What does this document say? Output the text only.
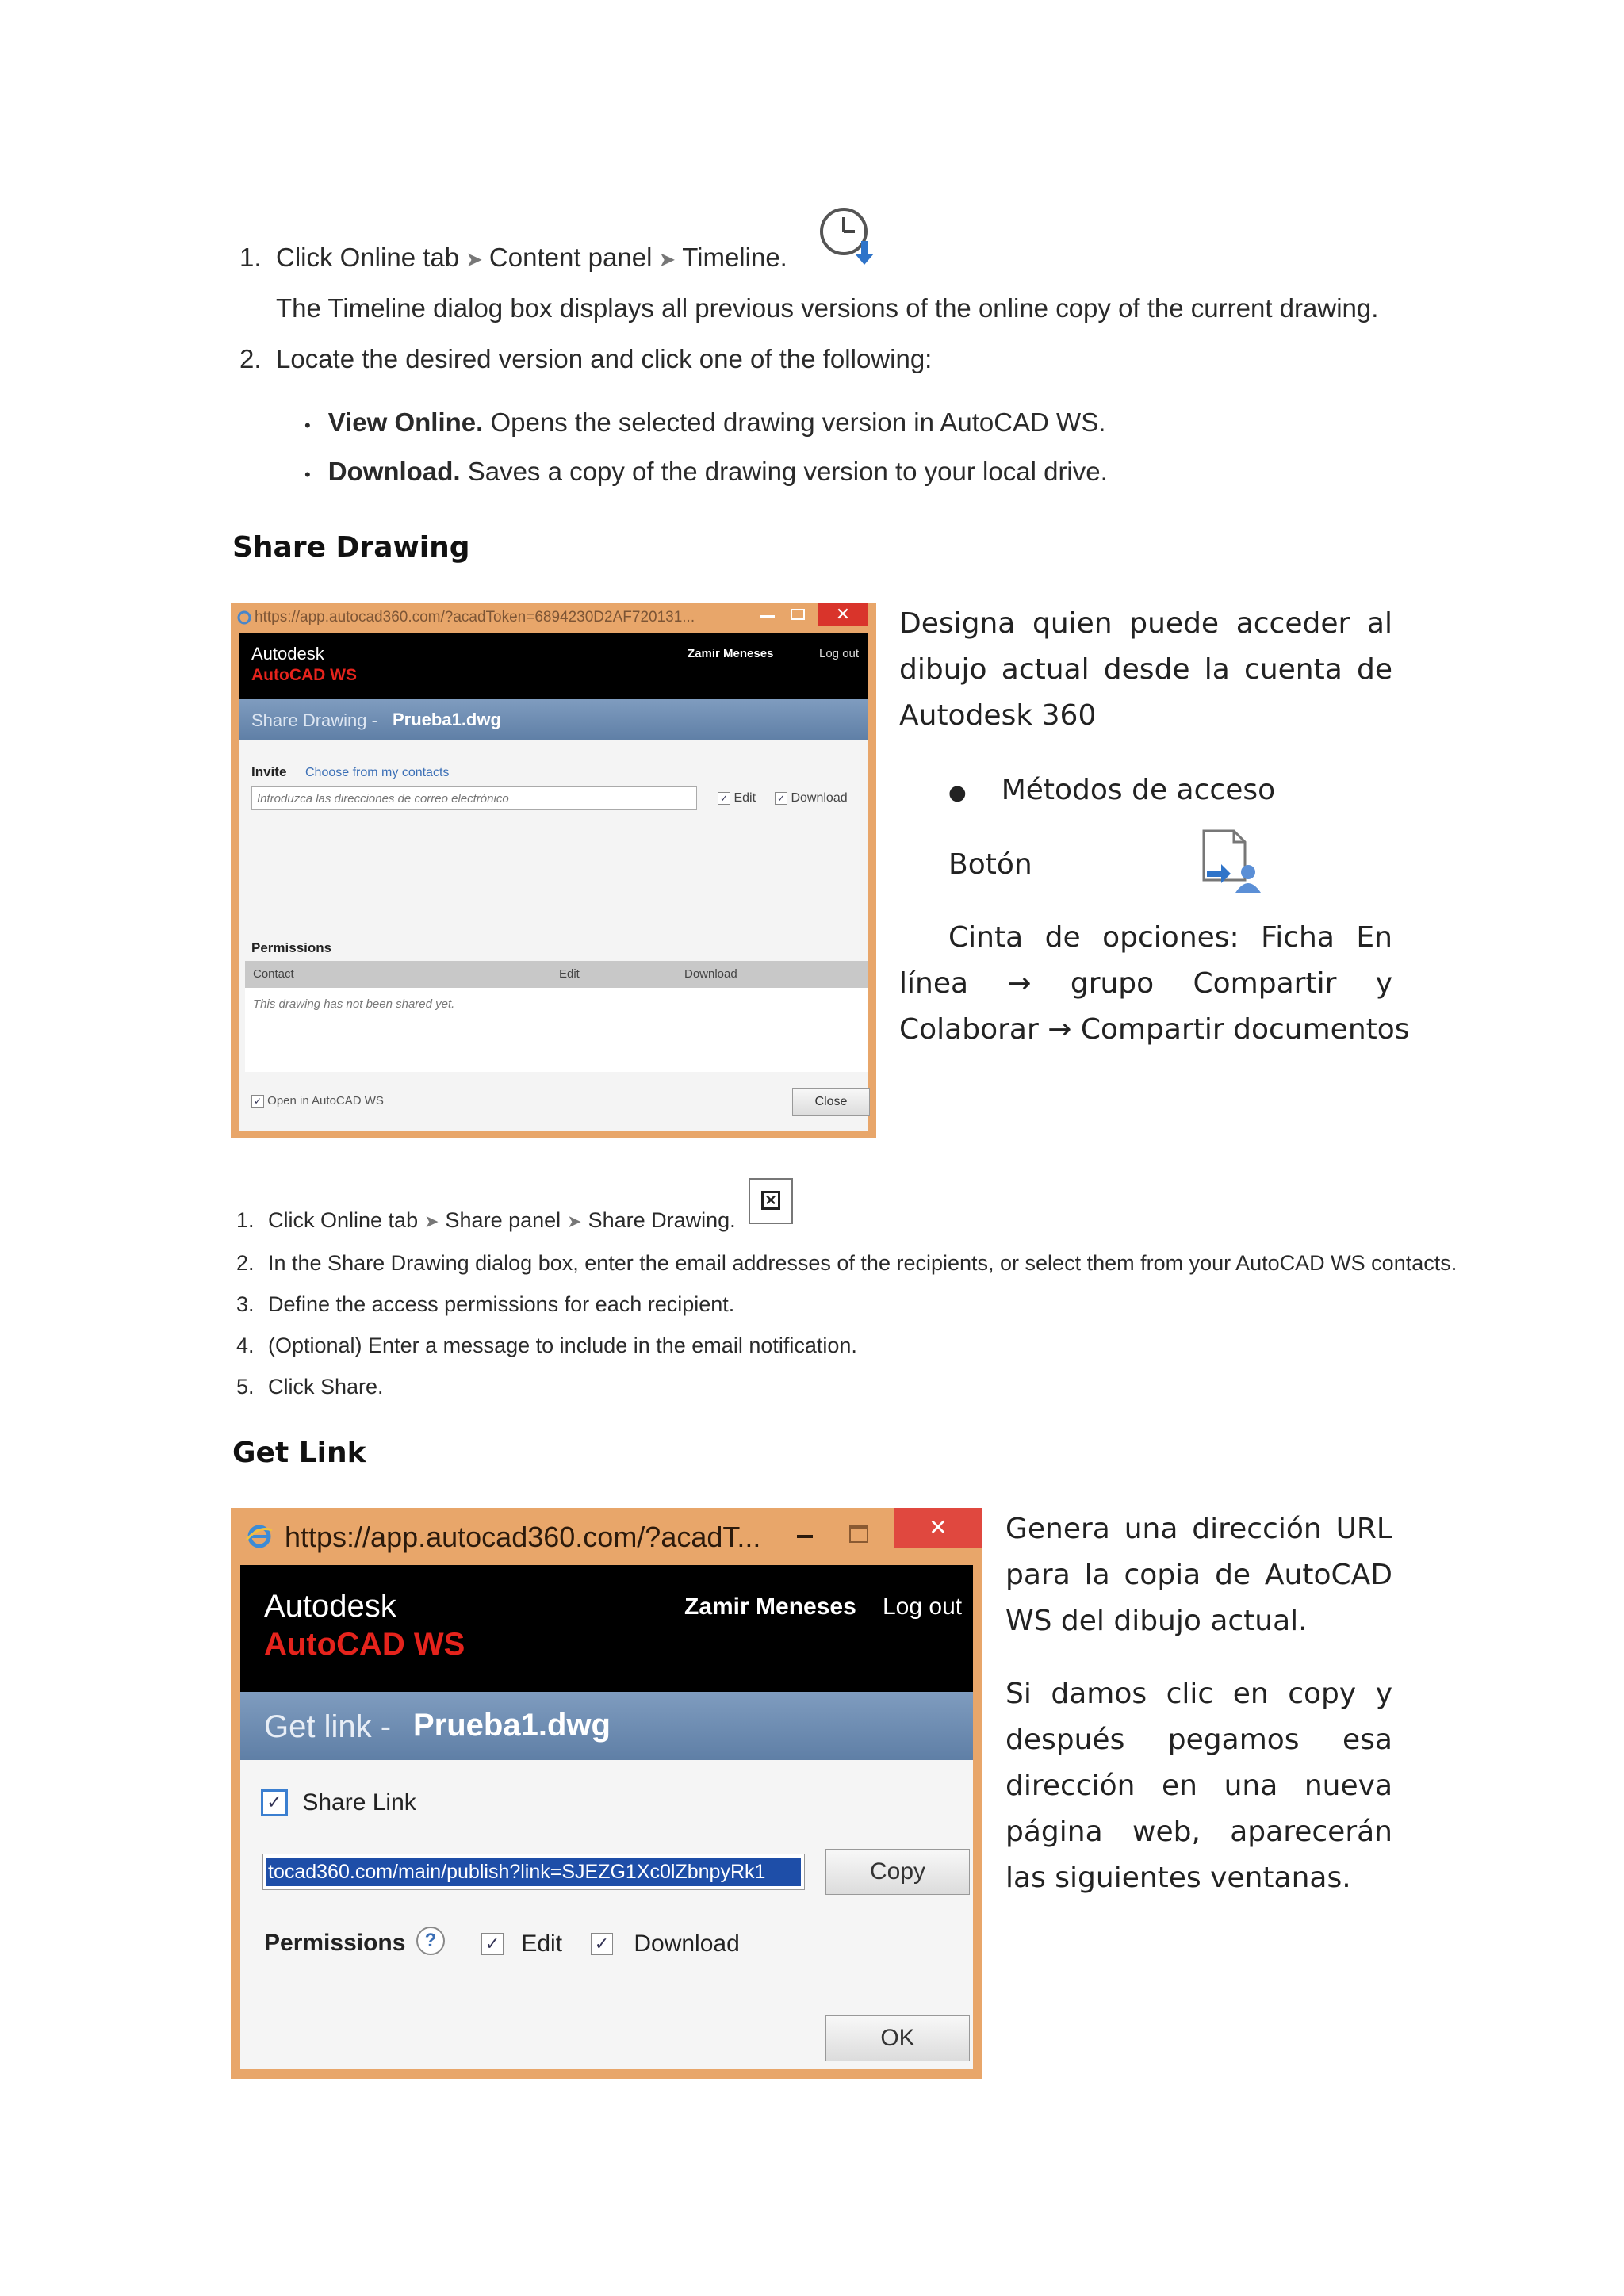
1. Click Online tab ➤ Content panel ➤ Timeline.
The Timeline dialog box displays all previous versions of the online copy of the current drawing.
2. Locate the desired version and click one of the following:
• View Online. Opens the selected drawing version in AutoCAD WS.
• Download. Saves a copy of the drawing version to your local drive.
Share Drawing
https://app.autocad360.com/?acadToken=6894230D2AF720131...	✕
Autodesk
AutoCAD WS
Zamir Meneses	Log out
Share Drawing - Prueba1.dwg
Invite Choose from my contacts
Introduzca las direcciones de correo electrónico
✓ Edit ✓ Download
Permissions
Contact	Edit	Download
This drawing has not been shared yet.
✓ Open in AutoCAD WS	Close
Designa quien puede acceder al dibujo actual desde la cuenta de Autodesk 360
● Métodos de acceso
Botón
Cinta de opciones: Ficha En
línea → grupo Compartir y
Colaborar → Compartir documentos
1. Click Online tab ➤ Share panel ➤ Share Drawing.
✕
2. In the Share Drawing dialog box, enter the email addresses of the recipients, or select them from your AutoCAD WS contacts.
3. Define the access permissions for each recipient.
4. (Optional) Enter a message to include in the email notification.
5. Click Share.
Get Link
https://app.autocad360.com/?acadT...	✕
Autodesk
AutoCAD WS
Zamir Meneses Log out
Get link - Prueba1.dwg
✓ Share Link
tocad360.com/main/publish?link=SJEZG1Xc0lZbnpyRk1	Copy
Permissions	?	✓ Edit ✓ Download
OK
Genera una dirección URL para la copia de AutoCAD WS del dibujo actual.
Si damos clic en copy y después pegamos esa dirección en una nueva página web, aparecerán las siguientes ventanas.
